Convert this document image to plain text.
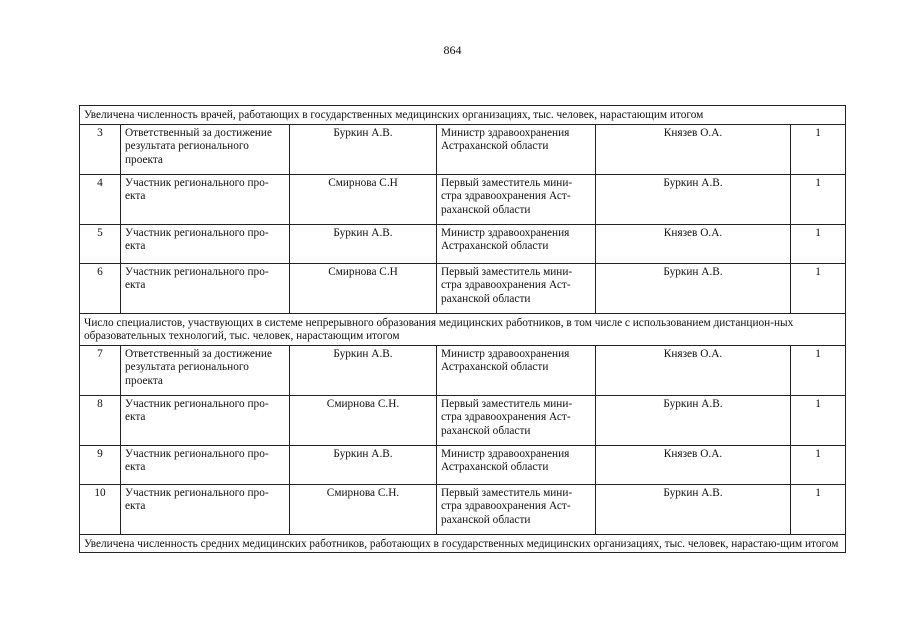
864
Увеличена численность врачей, работающих в государственных медицинских организациях, тыс. человек, нарастающим итогом					
3	Ответственный за достижение результата регионального проекта	Буркин А.В.	Министр здравоохранения Астраханской области	Князев О.А.	1
4	Участник регионального про-екта	Смирнова С.Н	Первый заместитель мини-стра здравоохранения Аст-раханской области	Буркин А.В.	1
5	Участник регионального про-екта	Буркин А.В.	Министр здравоохранения Астраханской области	Князев О.А.	1
6	Участник регионального про-екта	Смирнова С.Н	Первый заместитель мини-стра здравоохранения Аст-раханской области	Буркин А.В.	1
Число специалистов, участвующих в системе непрерывного образования медицинских работников, в том числе с использованием дистанцион-ных образовательных технологий, тыс. человек, нарастающим итогом					
7	Ответственный за достижение результата регионального проекта	Буркин А.В.	Министр здравоохранения Астраханской области	Князев О.А.	1
8	Участник регионального про-екта	Смирнова С.Н.	Первый заместитель мини-стра здравоохранения Аст-раханской области	Буркин А.В.	1
9	Участник регионального про-екта	Буркин А.В.	Министр здравоохранения Астраханской области	Князев О.А.	1
10	Участник регионального про-екта	Смирнова С.Н.	Первый заместитель мини-стра здравоохранения Аст-раханской области	Буркин А.В.	1
Увеличена численность средних медицинских работников, работающих в государственных медицинских организациях, тыс. человек, нарастаю-щим итогом					
